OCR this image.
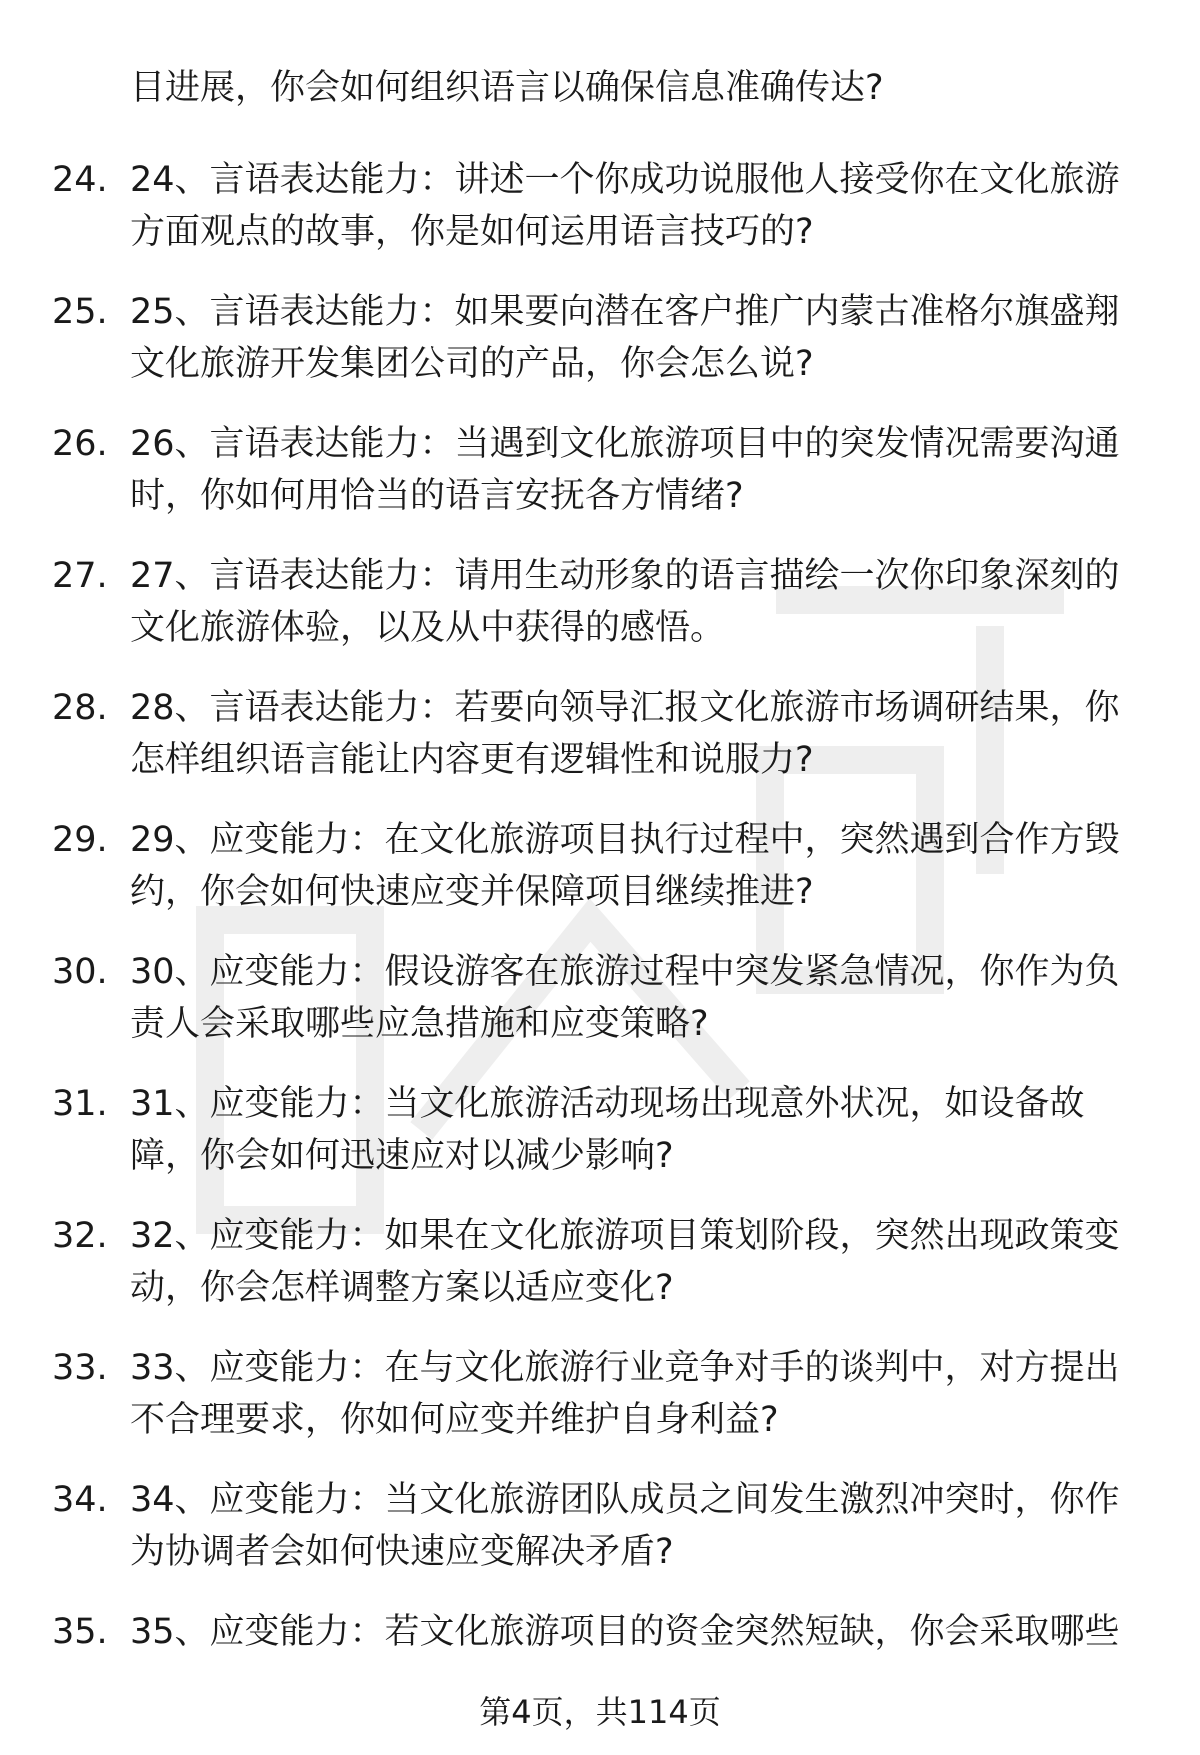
目进展，你会如何组织语言以确保信息准确传达?

24. 24、言语表达能力：讲述一个你成功说服他人接受你在文化旅游方面观点的故事，你是如何运用语言技巧的?

25. 25、言语表达能力：如果要向潜在客户推广内蒙古准格尔旗盛翔文化旅游开发集团公司的产品，你会怎么说?

26. 26、言语表达能力：当遇到文化旅游项目中的突发情况需要沟通时，你如何用恰当的语言安抚各方情绪?

27. 27、言语表达能力：请用生动形象的语言描绘一次你印象深刻的文化旅游体验，以及从中获得的感悟。

28. 28、言语表达能力：若要向领导汇报文化旅游市场调研结果，你怎样组织语言能让内容更有逻辑性和说服力?

29. 29、应变能力：在文化旅游项目执行过程中，突然遇到合作方毁约，你会如何快速应变并保障项目继续推进?

30. 30、应变能力：假设游客在旅游过程中突发紧急情况，你作为负责人会采取哪些应急措施和应变策略?

31. 31、应变能力：当文化旅游活动现场出现意外状况，如设备故障，你会如何迅速应对以减少影响?

32. 32、应变能力：如果在文化旅游项目策划阶段，突然出现政策变动，你会怎样调整方案以适应变化?

33. 33、应变能力：在与文化旅游行业竞争对手的谈判中，对方提出不合理要求，你如何应变并维护自身利益?

34. 34、应变能力：当文化旅游团队成员之间发生激烈冲突时，你作为协调者会如何快速应变解决矛盾?

35. 35、应变能力：若文化旅游项目的资金突然短缺，你会采取哪些

第4页，共114页
